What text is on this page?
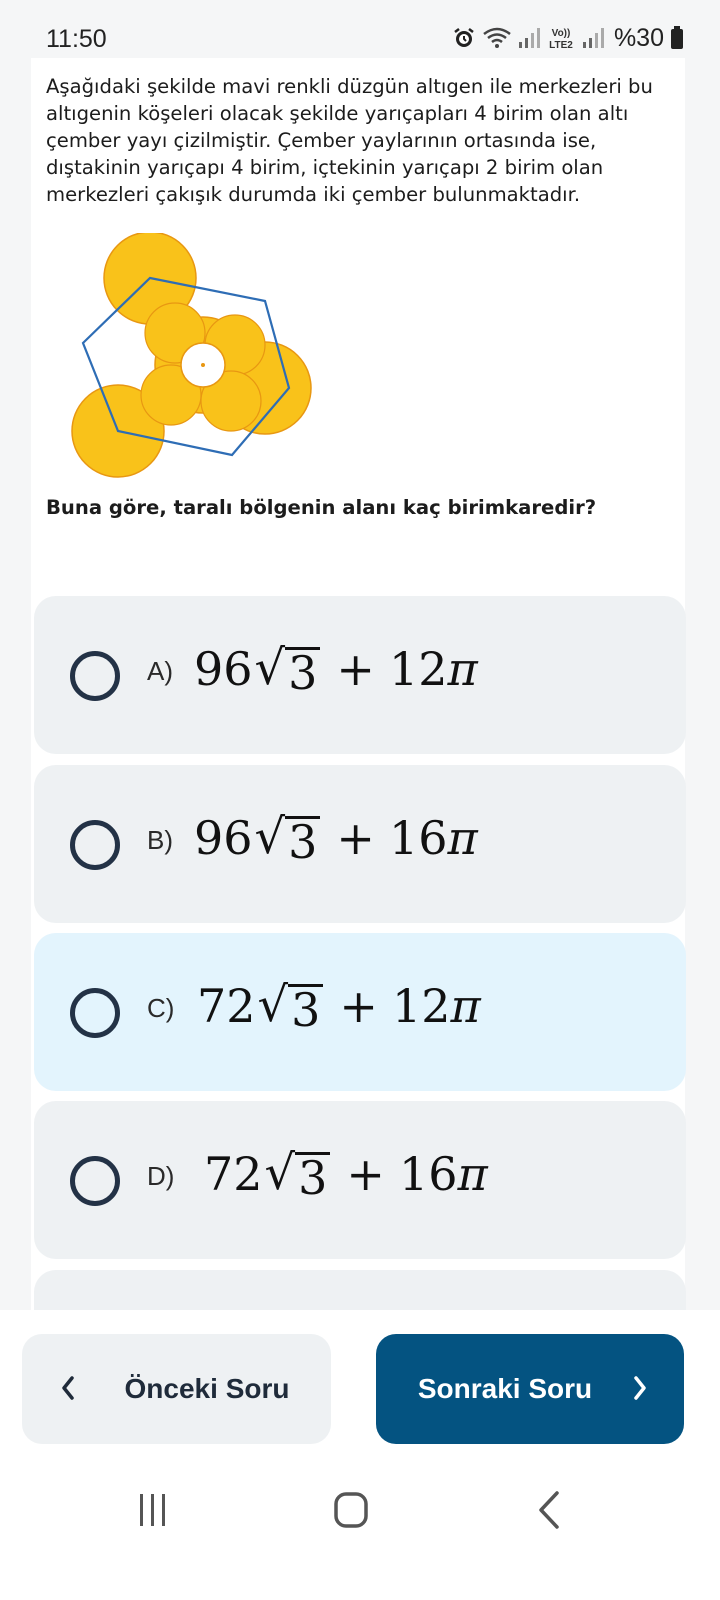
11:50	Vo))
LTE2 %30

Aşağıdaki şekilde mavi renkli düzgün altıgen ile merkezleri bu altıgenin köşeleri olacak şekilde yarıçapları 4 birim olan altı çember yayı çizilmiştir. Çember yaylarının ortasında ise, dıştakinin yarıçapı 4 birim, içtekinin yarıçapı 2 birim olan merkezleri çakışık durumda iki çember bulunmaktadır.

Buna göre, taralı bölgenin alanı kaç birimkaredir?

A) 96 √ 3 + 12 π
B) 96 √ 3 + 16 π
C) 72 √ 3 + 12 π
D) 72 √ 3 + 16 π
Önceki Soru	Sonraki Soru
